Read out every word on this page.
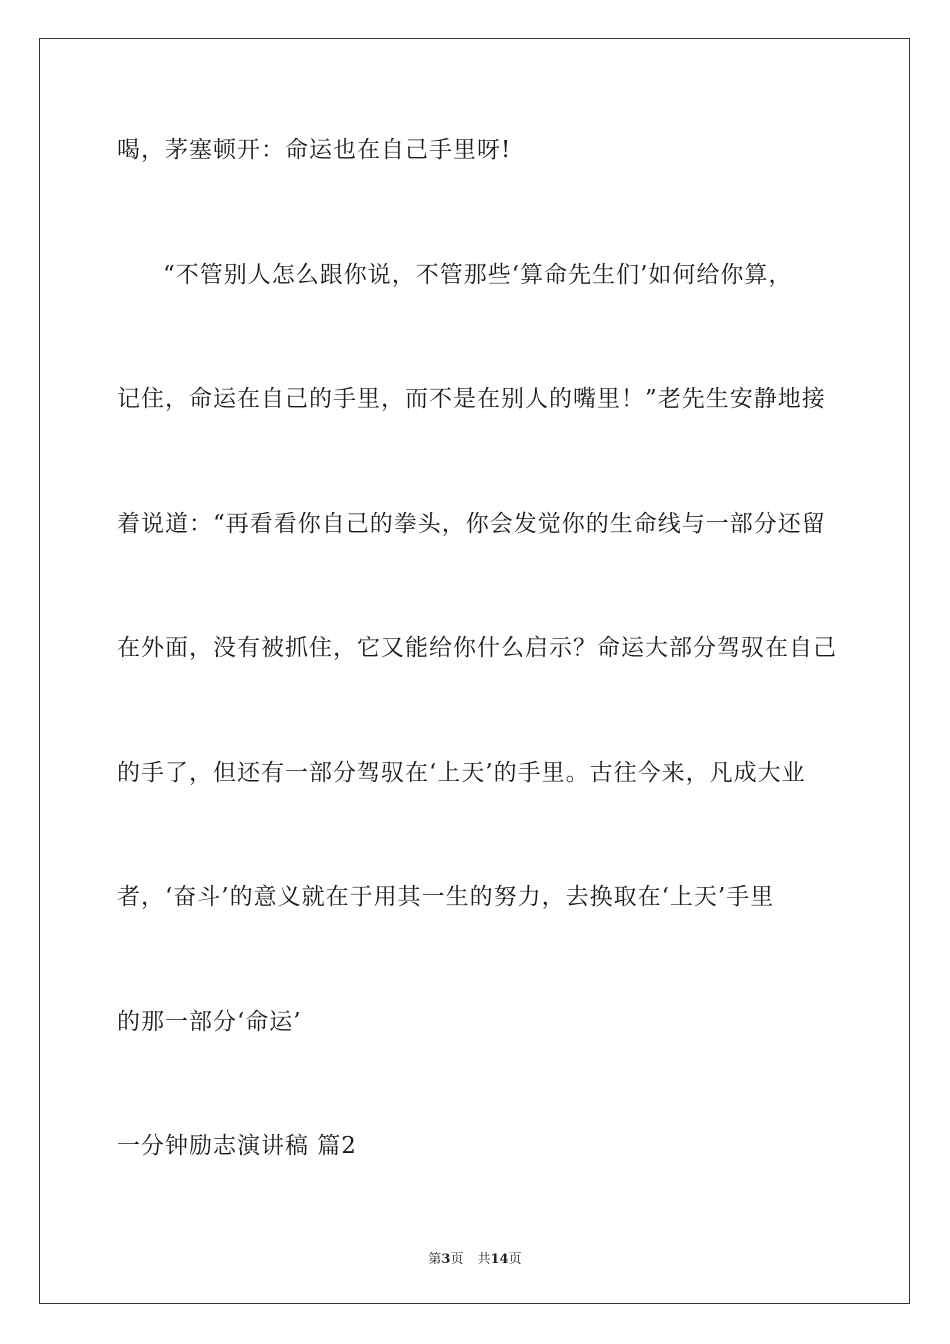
喝，茅塞顿开：命运也在自己手里呀!
“不管别人怎么跟你说，不管那些‘算命先生们’如何给你算，
记住，命运在自己的手里，而不是在别人的嘴里！”老先生安静地接
着说道：“再看看你自己的拳头，你会发觉你的生命线与一部分还留
在外面，没有被抓住，它又能给你什么启示？命运大部分驾驭在自己
的手了，但还有一部分驾驭在‘上天’的手里。古往今来，凡成大业
者，‘奋斗’的意义就在于用其一生的努力，去换取在‘上天’手里
的那一部分‘命运’
一分钟励志演讲稿 篇2
第3页 共14页
